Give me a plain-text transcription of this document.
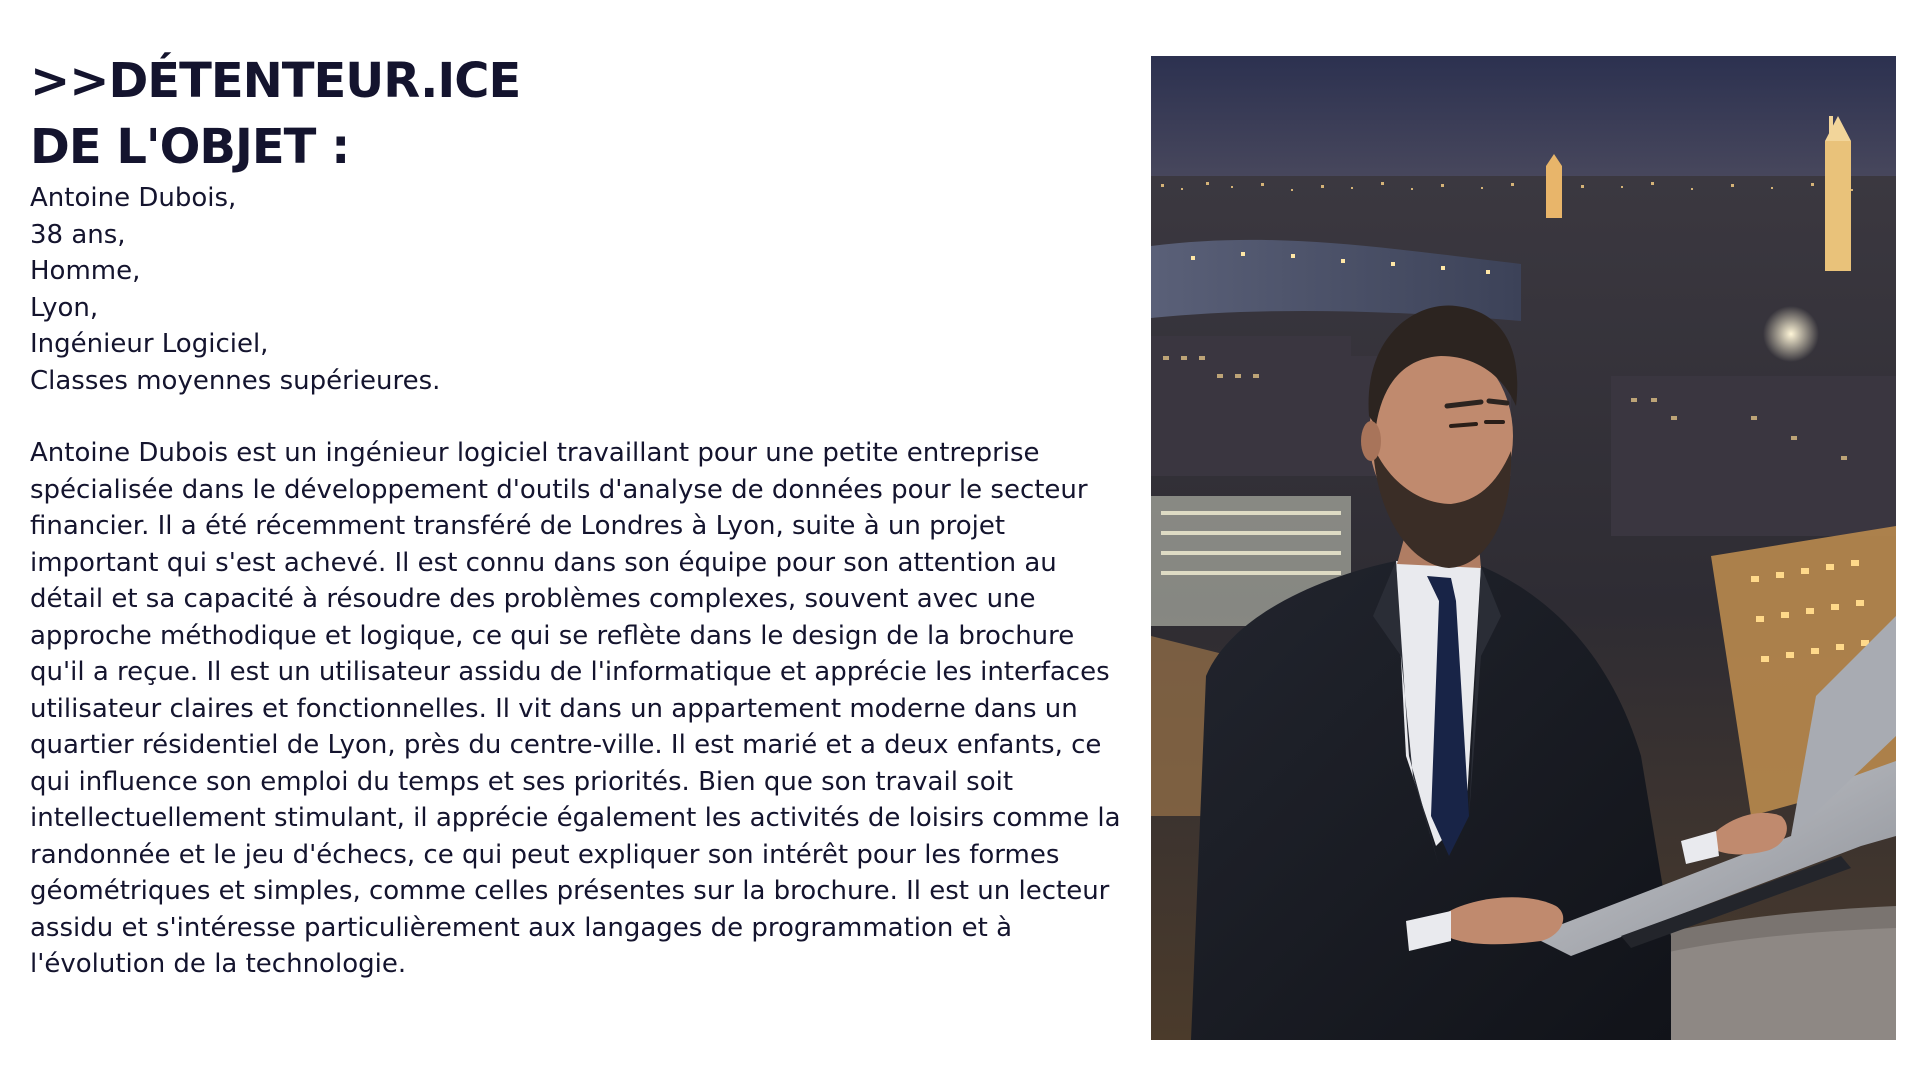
>>DÉTENTEUR.ICE
DE L'OBJET :
Antoine Dubois,
38 ans,
Homme,
Lyon,
Ingénieur Logiciel,
Classes moyennes supérieures.

Antoine Dubois est un ingénieur logiciel travaillant pour une petite entreprise spécialisée dans le développement d'outils d'analyse de données pour le secteur financier. Il a été récemment transféré de Londres à Lyon, suite à un projet important qui s'est achevé. Il est connu dans son équipe pour son attention au détail et sa capacité à résoudre des problèmes complexes, souvent avec une approche méthodique et logique, ce qui se reflète dans le design de la brochure qu'il a reçue. Il est un utilisateur assidu de l'informatique et apprécie les interfaces utilisateur claires et fonctionnelles. Il vit dans un appartement moderne dans un quartier résidentiel de Lyon, près du centre-ville. Il est marié et a deux enfants, ce qui influence son emploi du temps et ses priorités. Bien que son travail soit intellectuellement stimulant, il apprécie également les activités de loisirs comme la randonnée et le jeu d'échecs, ce qui peut expliquer son intérêt pour les formes géométriques et simples, comme celles présentes sur la brochure. Il est un lecteur assidu et s'intéresse particulièrement aux langages de programmation et à l'évolution de la technologie.
